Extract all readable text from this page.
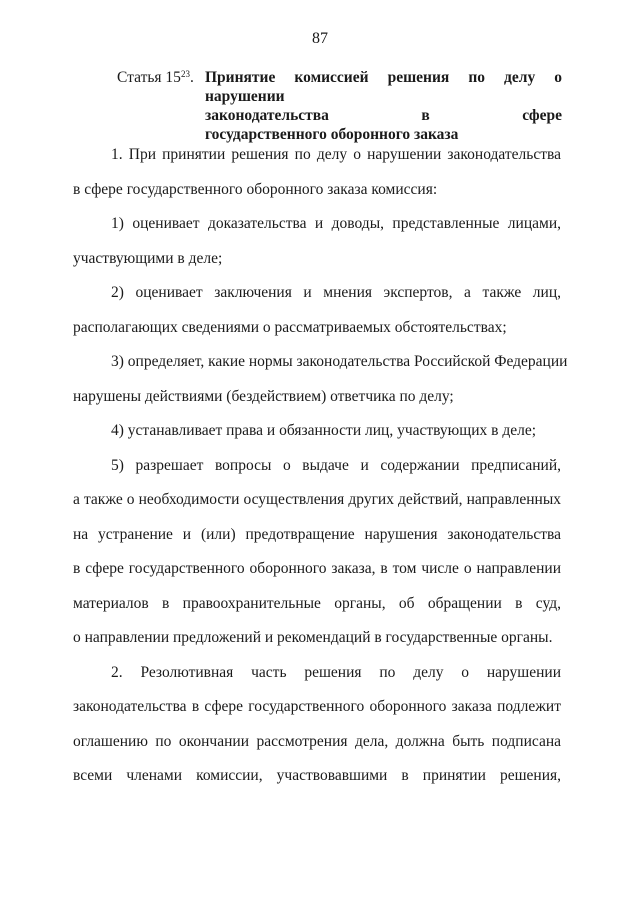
87
Статья $15^{23}$. Принятие комиссией решения по делу о нарушении
законодательства в сфере
государственного оборонного заказа
1. При принятии решения по делу о нарушении законодательства
в сфере государственного оборонного заказа комиссия:
1) оценивает доказательства и доводы, представленные лицами,
участвующими в деле;
2) оценивает заключения и мнения экспертов, а также лиц,
располагающих сведениями о рассматриваемых обстоятельствах;
3) определяет, какие нормы законодательства Российской Федерации
нарушены действиями (бездействием) ответчика по делу;
4) устанавливает права и обязанности лиц, участвующих в деле;
5) разрешает вопросы о выдаче и содержании предписаний,
а также о необходимости осуществления других действий, направленных
на устранение и (или) предотвращение нарушения законодательства
в сфере государственного оборонного заказа, в том числе о направлении
материалов в правоохранительные органы, об обращении в суд,
о направлении предложений и рекомендаций в государственные органы.
2. Резолютивная часть решения по делу о нарушении
законодательства в сфере государственного оборонного заказа подлежит
оглашению по окончании рассмотрения дела, должна быть подписана
всеми членами комиссии, участвовавшими в принятии решения,
